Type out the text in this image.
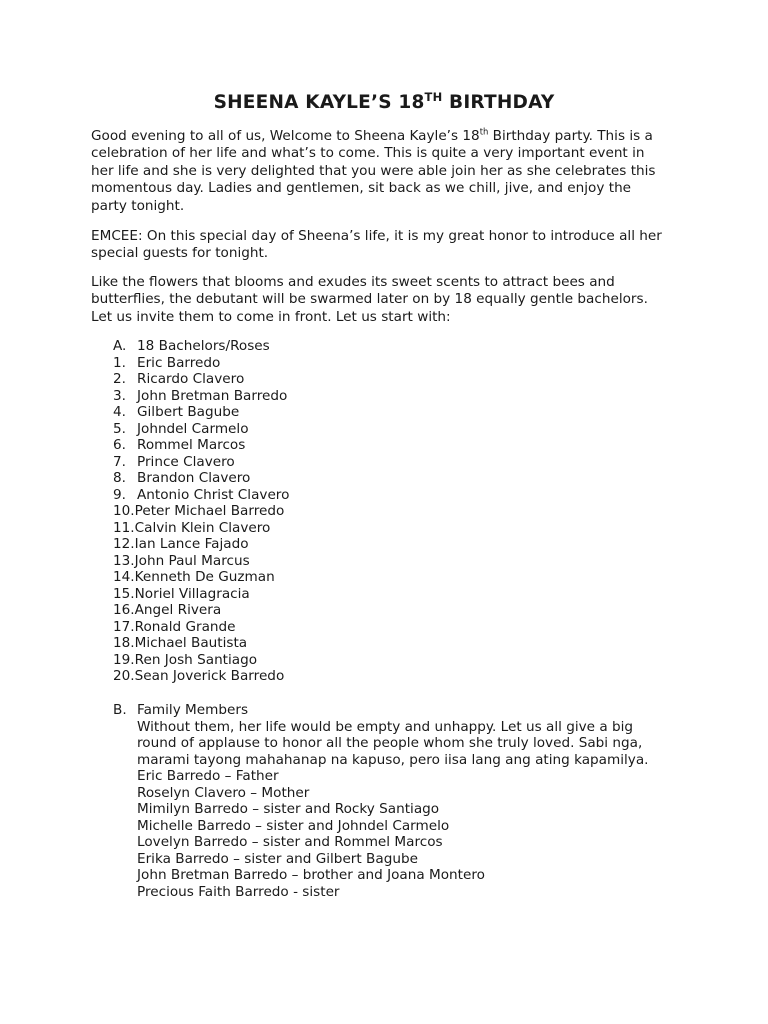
SHEENA KAYLE’S 18TH BIRTHDAY
Good evening to all of us, Welcome to Sheena Kayle’s 18th Birthday party. This is a
celebration of her life and what’s to come. This is quite a very important event in
her life and she is very delighted that you were able join her as she celebrates this
momentous day. Ladies and gentlemen, sit back as we chill, jive, and enjoy the
party tonight.
EMCEE: On this special day of Sheena’s life, it is my great honor to introduce all her
special guests for tonight.
Like the flowers that blooms and exudes its sweet scents to attract bees and
butterflies, the debutant will be swarmed later on by 18 equally gentle bachelors.
Let us invite them to come in front. Let us start with:
A. 18 Bachelors/Roses
1. Eric Barredo
2. Ricardo Clavero
3. John Bretman Barredo
4. Gilbert Bagube
5. Johndel Carmelo
6. Rommel Marcos
7. Prince Clavero
8. Brandon Clavero
9. Antonio Christ Clavero
10.Peter Michael Barredo
11.Calvin Klein Clavero
12.Ian Lance Fajado
13.John Paul Marcus
14.Kenneth De Guzman
15.Noriel Villagracia
16.Angel Rivera
17.Ronald Grande
18.Michael Bautista
19.Ren Josh Santiago
20.Sean Joverick Barredo
B. Family Members
Without them, her life would be empty and unhappy. Let us all give a big
round of applause to honor all the people whom she truly loved. Sabi nga,
marami tayong mahahanap na kapuso, pero iisa lang ang ating kapamilya.
Eric Barredo – Father
Roselyn Clavero – Mother
Mimilyn Barredo – sister and Rocky Santiago
Michelle Barredo – sister and Johndel Carmelo
Lovelyn Barredo – sister and Rommel Marcos
Erika Barredo – sister and Gilbert Bagube
John Bretman Barredo – brother and Joana Montero
Precious Faith Barredo - sister
